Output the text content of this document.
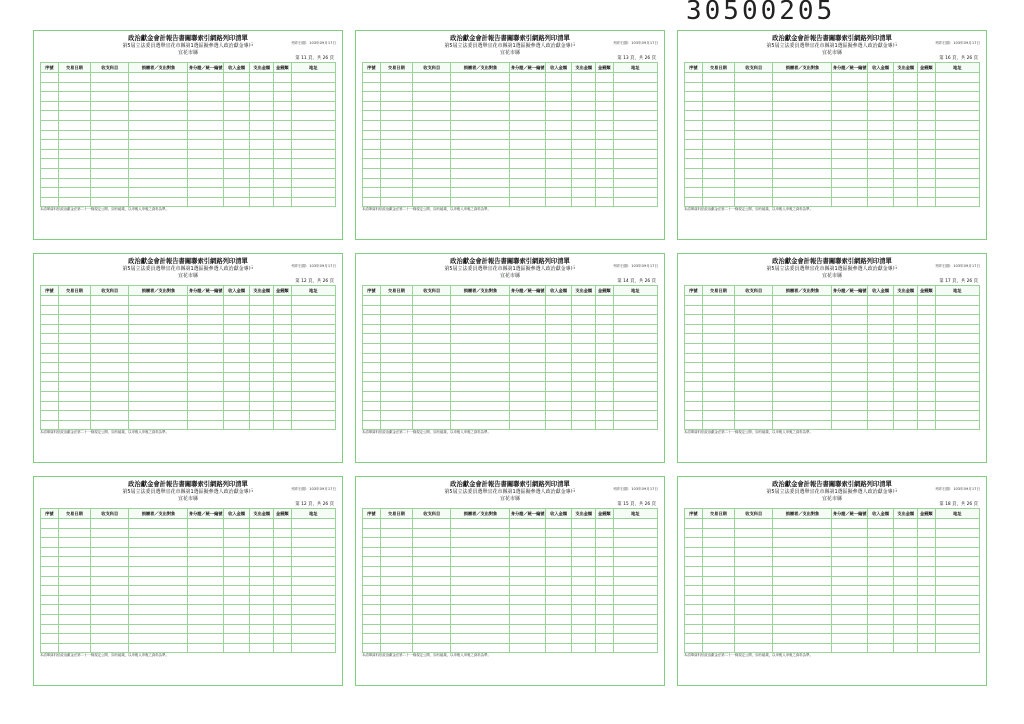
30500205
政治獻金會計報告書關聯索引網路列印清單
第5屆立法委員選舉宜花市縣第1選區擬參選人政治獻金專戶
宜花市縣
列印日期：103年09月17日
第 11 頁，共 26 頁
序號	交易日期	收支科目	捐贈者／支出對象	身分證／統一編號	收入金額	支出金額	金錢類	地址

本清單資料依政治獻金法第二十一條規定公開，如有疑義，以申報人申報之資料為準。
政治獻金會計報告書關聯索引網路列印清單
第5屆立法委員選舉宜花市縣第1選區擬參選人政治獻金專戶
宜花市縣
列印日期：103年09月17日
第 13 頁，共 26 頁
序號	交易日期	收支科目	捐贈者／支出對象	身分證／統一編號	收入金額	支出金額	金錢類	地址

本清單資料依政治獻金法第二十一條規定公開，如有疑義，以申報人申報之資料為準。
政治獻金會計報告書關聯索引網路列印清單
第5屆立法委員選舉宜花市縣第1選區擬參選人政治獻金專戶
宜花市縣
列印日期：103年09月17日
第 16 頁，共 26 頁
序號	交易日期	收支科目	捐贈者／支出對象	身分證／統一編號	收入金額	支出金額	金錢類	地址

本清單資料依政治獻金法第二十一條規定公開，如有疑義，以申報人申報之資料為準。
政治獻金會計報告書關聯索引網路列印清單
第5屆立法委員選舉宜花市縣第1選區擬參選人政治獻金專戶
宜花市縣
列印日期：103年09月17日
第 12 頁，共 26 頁
序號	交易日期	收支科目	捐贈者／支出對象	身分證／統一編號	收入金額	支出金額	金錢類	地址

本清單資料依政治獻金法第二十一條規定公開，如有疑義，以申報人申報之資料為準。
政治獻金會計報告書關聯索引網路列印清單
第5屆立法委員選舉宜花市縣第1選區擬參選人政治獻金專戶
宜花市縣
列印日期：103年09月17日
第 14 頁，共 26 頁
序號	交易日期	收支科目	捐贈者／支出對象	身分證／統一編號	收入金額	支出金額	金錢類	地址

本清單資料依政治獻金法第二十一條規定公開，如有疑義，以申報人申報之資料為準。
政治獻金會計報告書關聯索引網路列印清單
第5屆立法委員選舉宜花市縣第1選區擬參選人政治獻金專戶
宜花市縣
列印日期：103年09月17日
第 17 頁，共 26 頁
序號	交易日期	收支科目	捐贈者／支出對象	身分證／統一編號	收入金額	支出金額	金錢類	地址

本清單資料依政治獻金法第二十一條規定公開，如有疑義，以申報人申報之資料為準。
政治獻金會計報告書關聯索引網路列印清單
第5屆立法委員選舉宜花市縣第1選區擬參選人政治獻金專戶
宜花市縣
列印日期：103年09月17日
第 12 頁，共 26 頁
序號	交易日期	收支科目	捐贈者／支出對象	身分證／統一編號	收入金額	支出金額	金錢類	地址

本清單資料依政治獻金法第二十一條規定公開，如有疑義，以申報人申報之資料為準。
政治獻金會計報告書關聯索引網路列印清單
第5屆立法委員選舉宜花市縣第1選區擬參選人政治獻金專戶
宜花市縣
列印日期：103年09月17日
第 15 頁，共 26 頁
序號	交易日期	收支科目	捐贈者／支出對象	身分證／統一編號	收入金額	支出金額	金錢類	地址

本清單資料依政治獻金法第二十一條規定公開，如有疑義，以申報人申報之資料為準。
政治獻金會計報告書關聯索引網路列印清單
第5屆立法委員選舉宜花市縣第1選區擬參選人政治獻金專戶
宜花市縣
列印日期：103年09月17日
第 18 頁，共 26 頁
序號	交易日期	收支科目	捐贈者／支出對象	身分證／統一編號	收入金額	支出金額	金錢類	地址

本清單資料依政治獻金法第二十一條規定公開，如有疑義，以申報人申報之資料為準。
